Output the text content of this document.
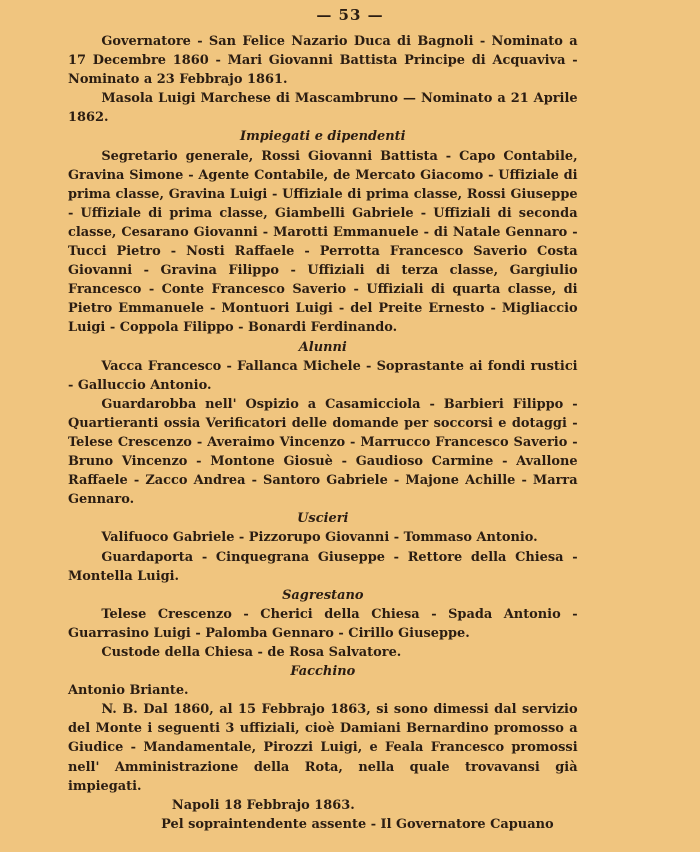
— 53 —

Governatore - San Felice Nazario Duca di Bagnoli - Nominato a 17 Decembre 1860 - Mari Giovanni Battista Principe di Acquaviva - Nominato a 23 Febbrajo 1861.

Masola Luigi Marchese di Mascambruno — Nominato a 21 Aprile 1862.

Impiegati e dipendenti

Segretario generale, Rossi Giovanni Battista - Capo Contabile, Gravina Simone - Agente Contabile, de Mercato Giacomo - Uffiziale di prima classe, Gravina Luigi - Uffiziale di prima classe, Rossi Giuseppe - Uffiziale di prima classe, Giambelli Gabriele - Uffiziali di seconda classe, Cesarano Giovanni - Marotti Emmanuele - di Natale Gennaro - Tucci Pietro - Nosti Raffaele - Perrotta Francesco Saverio Costa Giovanni - Gravina Filippo - Uffiziali di terza classe, Gargiulio Francesco - Conte Francesco Saverio - Uffiziali di quarta classe, di Pietro Emmanuele - Montuori Luigi - del Preite Ernesto - Migliaccio Luigi - Coppola Filippo - Bonardi Ferdinando.

Alunni

Vacca Francesco - Fallanca Michele - Soprastante ai fondi rustici - Galluccio Antonio.

Guardarobba nell' Ospizio a Casamicciola - Barbieri Filippo - Quartieranti ossia Verificatori delle domande per soccorsi e dotaggi - Telese Crescenzo - Averaimo Vincenzo - Marrucco Francesco Saverio - Bruno Vincenzo - Montone Giosuè - Gaudioso Carmine - Avallone Raffaele - Zacco Andrea - Santoro Gabriele - Majone Achille - Marra Gennaro.

Uscieri

Valifuoco Gabriele - Pizzorupo Giovanni - Tommaso Antonio.

Guardaporta - Cinquegrana Giuseppe - Rettore della Chiesa - Montella Luigi.

Sagrestano

Telese Crescenzo - Cherici della Chiesa - Spada Antonio - Guarrasino Luigi - Palomba Gennaro - Cirillo Giuseppe.

Custode della Chiesa - de Rosa Salvatore.

Facchino

Antonio Briante.

N. B. Dal 1860, al 15 Febbrajo 1863, si sono dimessi dal servizio del Monte i seguenti 3 uffiziali, cioè Damiani Bernardino promosso a Giudice - Mandamentale, Pirozzi Luigi, e Feala Francesco promossi nell' Amministrazione della Rota, nella quale trovavansi già impiegati.

Napoli 18 Febbrajo 1863.

Pel sopraintendente assente - Il Governatore Capuano
